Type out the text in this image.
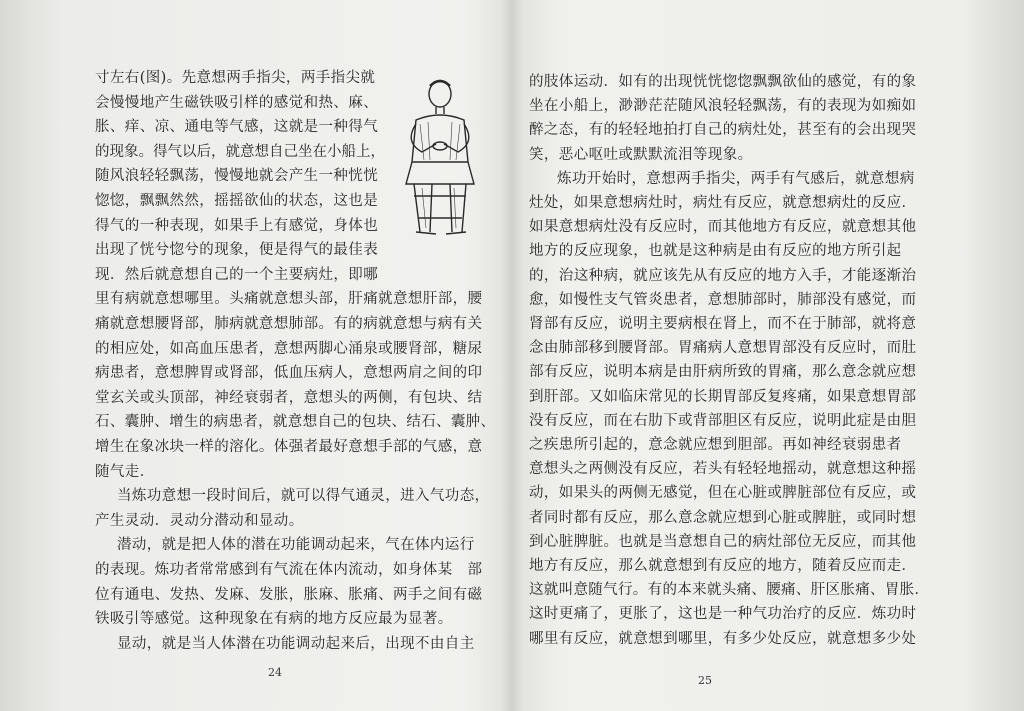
寸左右(图)。先意想两手指尖，两手指尖就
会慢慢地产生磁铁吸引样的感觉和热、麻、
胀、痒、凉、通电等气感，这就是一种得气
的现象。得气以后，就意想自己坐在小船上，
随风浪轻轻飘荡，慢慢地就会产生一种恍恍
惚惚，飘飘然然，摇摇欲仙的状态，这也是
得气的一种表现，如果手上有感觉，身体也
出现了恍兮惚兮的现象，便是得气的最佳表
现．然后就意想自己的一个主要病灶，即哪
里有病就意想哪里。头痛就意想头部，肝痛就意想肝部，腰
痛就意想腰肾部，肺病就意想肺部。有的病就意想与病有关
的相应处，如高血压患者，意想两脚心涌泉或腰肾部，糖尿
病患者，意想脾胃或肾部，低血压病人，意想两肩之间的印
堂玄关或头顶部，神经衰弱者，意想头的两侧，有包块、结
石、囊肿、增生的病患者，就意想自己的包块、结石、囊肿、
增生在象冰块一样的溶化。体强者最好意想手部的气感，意
随气走．
当炼功意想一段时间后，就可以得气通灵，进入气功态，
产生灵动．灵动分潜动和显动。
潜动，就是把人体的潜在功能调动起来，气在体内运行
的表现。炼功者常常感到有气流在体内流动，如身体某　部
位有通电、发热、发麻、发胀，胀麻、胀痛、两手之间有磁
铁吸引等感觉。这种现象在有病的地方反应最为显著。
显动，就是当人体潜在功能调动起来后，出现不由自主
24
的肢体运动．如有的出现恍恍惚惚飘飘欲仙的感觉，有的象
坐在小船上，渺渺茫茫随风浪轻轻飘荡，有的表现为如痴如
醉之态，有的轻轻地拍打自己的病灶处，甚至有的会出现哭
笑，恶心呕吐或默默流泪等现象。
炼功开始时，意想两手指尖，两手有气感后，就意想病
灶处，如果意想病灶时，病灶有反应，就意想病灶的反应．
如果意想病灶没有反应时，而其他地方有反应，就意想其他
地方的反应现象，也就是这种病是由有反应的地方所引起
的，治这种病，就应该先从有反应的地方入手，才能逐渐治
愈，如慢性支气管炎患者，意想肺部时，肺部没有感觉，而
肾部有反应，说明主要病根在肾上，而不在于肺部，就将意
念由肺部移到腰肾部。胃痛病人意想胃部没有反应时，而肚
部有反应，说明本病是由肝病所致的胃痛，那么意念就应想
到肝部。又如临床常见的长期胃部反复疼痛，如果意想胃部
没有反应，而在右肋下或背部胆区有反应，说明此症是由胆
之疾患所引起的，意念就应想到胆部。再如神经衰弱患者
意想头之两侧没有反应，若头有轻轻地摇动，就意想这种摇
动，如果头的两侧无感觉，但在心脏或脾脏部位有反应，或
者同时都有反应，那么意念就应想到心脏或脾脏，或同时想
到心脏脾脏。也就是当意想自己的病灶部位无反应，而其他
地方有反应，那么就意想到有反应的地方，随着反应而走．
这就叫意随气行。有的本来就头痛、腰痛、肝区胀痛、胃胀．
这时更痛了，更胀了，这也是一种气功治疗的反应．炼功时
哪里有反应，就意想到哪里，有多少处反应，就意想多少处
25
